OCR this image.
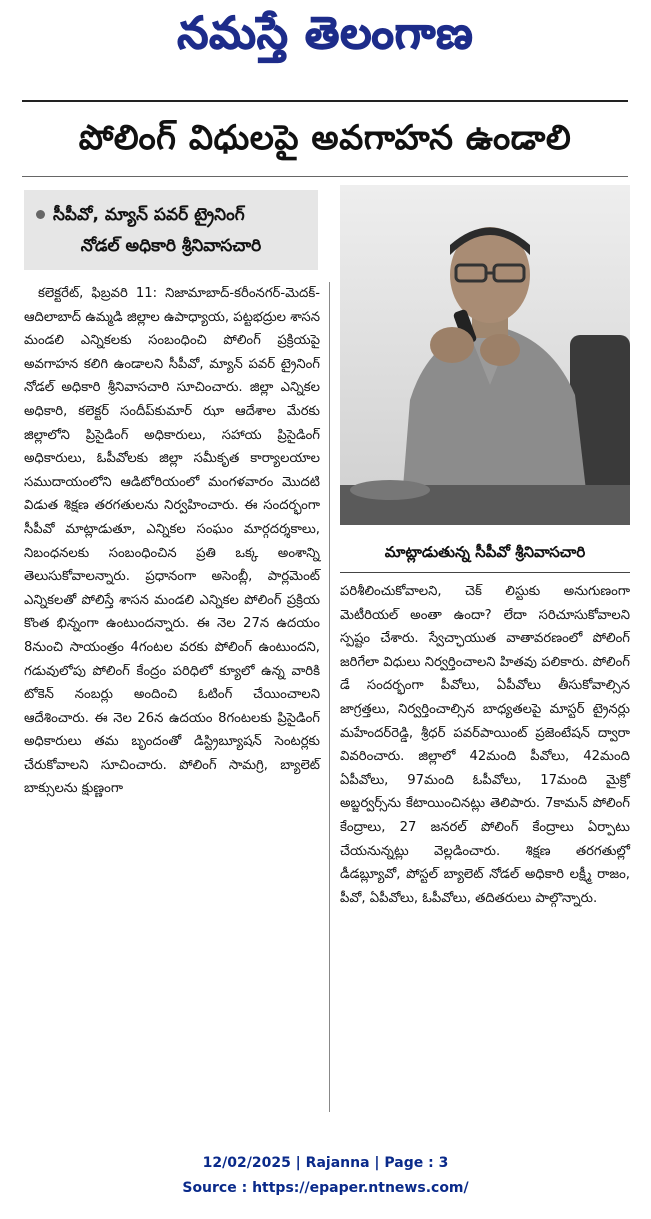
నమస్తే తెలంగాణ
పోలింగ్ విధులపై అవగాహన ఉండాలి
సీపీవో, మ్యాన్ పవర్ ట్రైనింగ్
నోడల్ అధికారి శ్రీనివాసచారి
మాట్లాడుతున్న సీపీవో శ్రీనివాసచారి

కలెక్టరేట్, ఫిబ్రవరి 11: నిజామాబాద్-కరీంనగర్-మెదక్-ఆదిలాబాద్ ఉమ్మడి జిల్లాల ఉపాధ్యాయ, పట్టభద్రుల శాసన మండలి ఎన్నికలకు సంబంధించి పోలింగ్ ప్రక్రియపై అవగాహన కలిగి ఉండాలని సీపీవో, మ్యాన్ పవర్ ట్రైనింగ్ నోడల్ అధికారి శ్రీనివాసచారి సూచించారు. జిల్లా ఎన్నికల అధికారి, కలెక్టర్ సందీప్‌కుమార్ ఝా ఆదేశాల మేరకు జిల్లాలోని ప్రిసైడింగ్ అధికారులు, సహాయ ప్రిసైడింగ్ అధికారులు, ఓపీవోలకు జిల్లా సమీకృత కార్యాలయాల సముదాయంలోని ఆడిటోరియంలో మంగళవారం మొదటి విడుత శిక్షణ తరగతులను నిర్వహించారు. ఈ సందర్భంగా సీపీవో మాట్లాడుతూ, ఎన్నికల సంఘం మార్గదర్శకాలు, నిబంధనలకు సంబంధించిన ప్రతి ఒక్క అంశాన్ని తెలుసుకోవాలన్నారు. ప్రధానంగా అసెంబ్లీ, పార్లమెంట్ ఎన్నికలతో పోలిస్తే శాసన మండలి ఎన్నికల పోలింగ్ ప్రక్రియ కొంత భిన్నంగా ఉంటుందన్నారు. ఈ నెల 27న ఉదయం 8నుంచి సాయంత్రం 4గంటల వరకు పోలింగ్ ఉంటుందని, గడువులోపు పోలింగ్ కేంద్రం పరిధిలో క్యూలో ఉన్న వారికి టోకెన్ నంబర్లు అందించి ఓటింగ్ చేయించాలని ఆదేశించారు. ఈ నెల 26న ఉదయం 8గంటలకు ప్రిసైడింగ్ అధికారులు తమ బృందంతో డిస్ట్రిబ్యూషన్ సెంటర్లకు చేరుకోవాలని సూచించారు. పోలింగ్ సామగ్రి, బ్యాలెట్ బాక్సులను క్షుణ్ణంగా

పరిశీలించుకోవాలని, చెక్ లిస్టుకు అనుగుణంగా మెటీరియల్ అంతా ఉందా? లేదా సరిచూసుకోవాలని స్పష్టం చేశారు. స్వేచ్ఛాయుత వాతావరణంలో పోలింగ్ జరిగేలా విధులు నిర్వర్తించాలని హితవు పలికారు. పోలింగ్ డే సందర్భంగా పీవోలు, ఏపీవోలు తీసుకోవాల్సిన జాగ్రత్తలు, నిర్వర్తించాల్సిన బాధ్యతలపై మాస్టర్ ట్రైనర్లు మహేందర్‌రెడ్డి, శ్రీధర్ పవర్‌పాయింట్ ప్రజెంటేషన్ ద్వారా వివరించారు. జిల్లాలో 42మంది పీవోలు, 42మంది ఏపీవోలు, 97మంది ఓపీవోలు, 17మంది మైక్రో అబ్జర్వర్స్‌ను కేటాయించినట్లు తెలిపారు. 7కామన్ పోలింగ్ కేంద్రాలు, 27 జనరల్ పోలింగ్ కేంద్రాలు ఏర్పాటు చేయనున్నట్లు వెల్లడించారు. శిక్షణ తరగతుల్లో డీడబ్ల్యూవో, పోస్టల్ బ్యాలెట్ నోడల్ అధికారి లక్ష్మీ రాజం, పీవో, ఏపీవోలు, ఓపీవోలు, తదితరులు పాల్గొన్నారు.

12/02/2025 | Rajanna | Page : 3
Source : https://epaper.ntnews.com/
